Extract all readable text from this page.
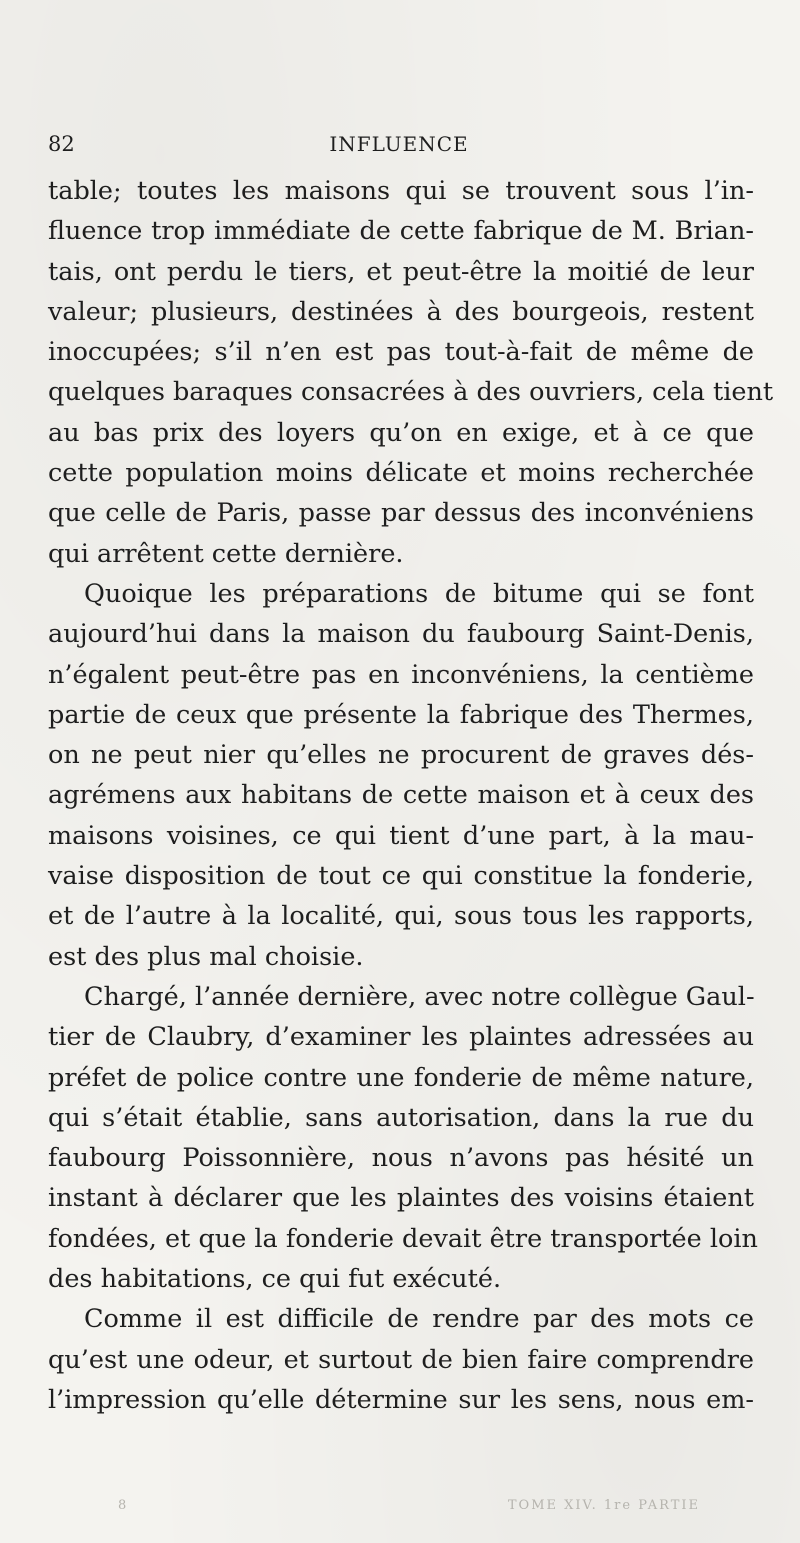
82	INFLUENCE
table; toutes les maisons qui se trouvent sous l’in-
fluence trop immédiate de cette fabrique de M. Brian-
tais, ont perdu le tiers, et peut-être la moitié de leur
valeur; plusieurs, destinées à des bourgeois, restent
inoccupées; s’il n’en est pas tout-à-fait de même de
quelques baraques consacrées à des ouvriers, cela tient
au bas prix des loyers qu’on en exige, et à ce que
cette population moins délicate et moins recherchée
que celle de Paris, passe par dessus des inconvéniens
qui arrêtent cette dernière.
Quoique les préparations de bitume qui se font
aujourd’hui dans la maison du faubourg Saint-Denis,
n’égalent peut-être pas en inconvéniens, la centième
partie de ceux que présente la fabrique des Thermes,
on ne peut nier qu’elles ne procurent de graves dés-
agrémens aux habitans de cette maison et à ceux des
maisons voisines, ce qui tient d’une part, à la mau-
vaise disposition de tout ce qui constitue la fonderie,
et de l’autre à la localité, qui, sous tous les rapports,
est des plus mal choisie.
Chargé, l’année dernière, avec notre collègue Gaul-
tier de Claubry, d’examiner les plaintes adressées au
préfet de police contre une fonderie de même nature,
qui s’était établie, sans autorisation, dans la rue du
faubourg Poissonnière, nous n’avons pas hésité un
instant à déclarer que les plaintes des voisins étaient
fondées, et que la fonderie devait être transportée loin
des habitations, ce qui fut exécuté.
Comme il est difficile de rendre par des mots ce
qu’est une odeur, et surtout de bien faire comprendre
l’impression qu’elle détermine sur les sens, nous em-
8	TOME XIV. 1re PARTIE
